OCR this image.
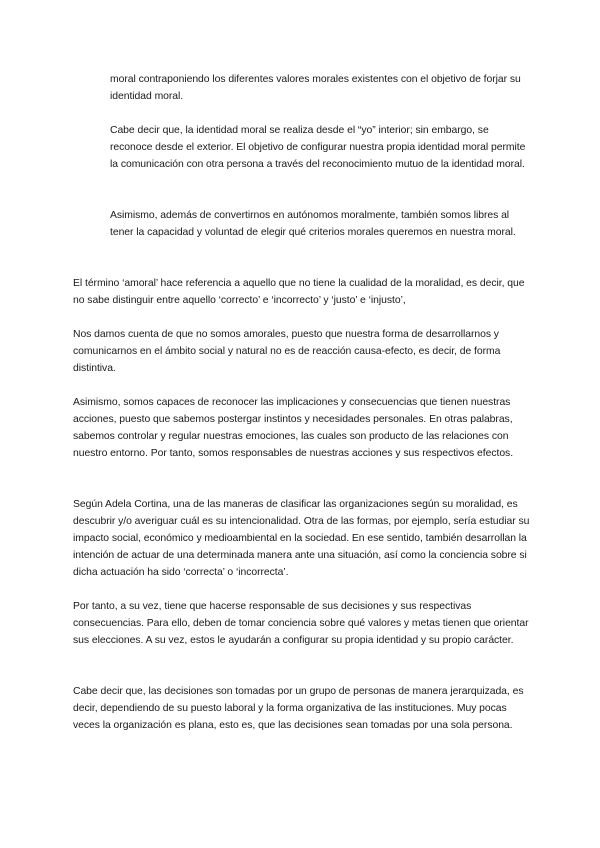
moral contraponiendo los diferentes valores morales existentes con el objetivo de forjar su identidad moral.

Cabe decir que, la identidad moral se realiza desde el “yo” interior; sin embargo, se reconoce desde el exterior. El objetivo de configurar nuestra propia identidad moral permite la comunicación con otra persona a través del reconocimiento mutuo de la identidad moral.

Asimismo, además de convertirnos en autónomos moralmente, también somos libres al tener la capacidad y voluntad de elegir qué criterios morales queremos en nuestra moral.

El término ‘amoral’ hace referencia a aquello que no tiene la cualidad de la moralidad, es decir, que no sabe distinguir entre aquello ‘correcto’ e ‘incorrecto’ y ‘justo’ e ‘injusto’,

Nos damos cuenta de que no somos amorales, puesto que nuestra forma de desarrollarnos y comunicarnos en el ámbito social y natural no es de reacción causa-efecto, es decir, de forma distintiva.

Asimismo, somos capaces de reconocer las implicaciones y consecuencias que tienen nuestras acciones, puesto que sabemos postergar instintos y necesidades personales. En otras palabras, sabemos controlar y regular nuestras emociones, las cuales son producto de las relaciones con nuestro entorno. Por tanto, somos responsables de nuestras acciones y sus respectivos efectos.

Según Adela Cortina, una de las maneras de clasificar las organizaciones según su moralidad, es descubrir y/o averiguar cuál es su intencionalidad. Otra de las formas, por ejemplo, sería estudiar su impacto social, económico y medioambiental en la sociedad. En ese sentido, también desarrollan la intención de actuar de una determinada manera ante una situación, así como la conciencia sobre si dicha actuación ha sido ‘correcta’ o ‘incorrecta’.

Por tanto, a su vez, tiene que hacerse responsable de sus decisiones y sus respectivas consecuencias. Para ello, deben de tomar conciencia sobre qué valores y metas tienen que orientar sus elecciones. A su vez, estos le ayudarán a configurar su propia identidad y su propio carácter.

Cabe decir que, las decisiones son tomadas por un grupo de personas de manera jerarquizada, es decir, dependiendo de su puesto laboral y la forma organizativa de las instituciones. Muy pocas veces la organización es plana, esto es, que las decisiones sean tomadas por una sola persona.
